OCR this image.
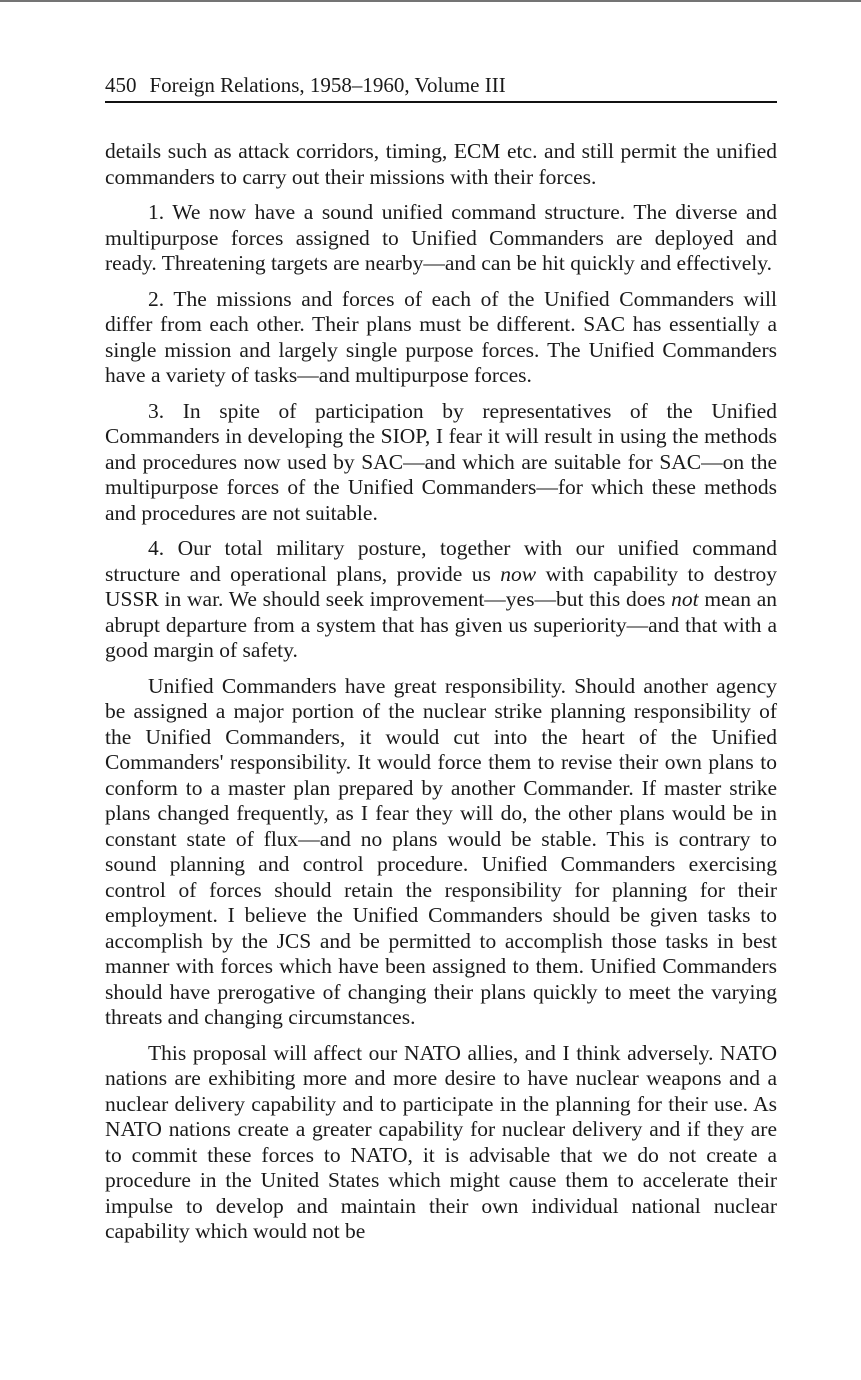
450 Foreign Relations, 1958–1960, Volume III

details such as attack corridors, timing, ECM etc. and still permit the unified commanders to carry out their missions with their forces.

1. We now have a sound unified command structure. The diverse and multipurpose forces assigned to Unified Commanders are deployed and ready. Threatening targets are nearby—and can be hit quickly and effectively.

2. The missions and forces of each of the Unified Commanders will differ from each other. Their plans must be different. SAC has essentially a single mission and largely single purpose forces. The Unified Commanders have a variety of tasks—and multipurpose forces.

3. In spite of participation by representatives of the Unified Commanders in developing the SIOP, I fear it will result in using the methods and procedures now used by SAC—and which are suitable for SAC—on the multipurpose forces of the Unified Commanders—for which these methods and procedures are not suitable.

4. Our total military posture, together with our unified command structure and operational plans, provide us now with capability to destroy USSR in war. We should seek improvement—yes—but this does not mean an abrupt departure from a system that has given us superiority—and that with a good margin of safety.

Unified Commanders have great responsibility. Should another agency be assigned a major portion of the nuclear strike planning responsibility of the Unified Commanders, it would cut into the heart of the Unified Commanders' responsibility. It would force them to revise their own plans to conform to a master plan prepared by another Commander. If master strike plans changed frequently, as I fear they will do, the other plans would be in constant state of flux—and no plans would be stable. This is contrary to sound planning and control procedure. Unified Commanders exercising control of forces should retain the responsibility for planning for their employment. I believe the Unified Commanders should be given tasks to accomplish by the JCS and be permitted to accomplish those tasks in best manner with forces which have been assigned to them. Unified Commanders should have prerogative of changing their plans quickly to meet the varying threats and changing circumstances.

This proposal will affect our NATO allies, and I think adversely. NATO nations are exhibiting more and more desire to have nuclear weapons and a nuclear delivery capability and to participate in the planning for their use. As NATO nations create a greater capability for nuclear delivery and if they are to commit these forces to NATO, it is advisable that we do not create a procedure in the United States which might cause them to accelerate their impulse to develop and maintain their own individual national nuclear capability which would not be
